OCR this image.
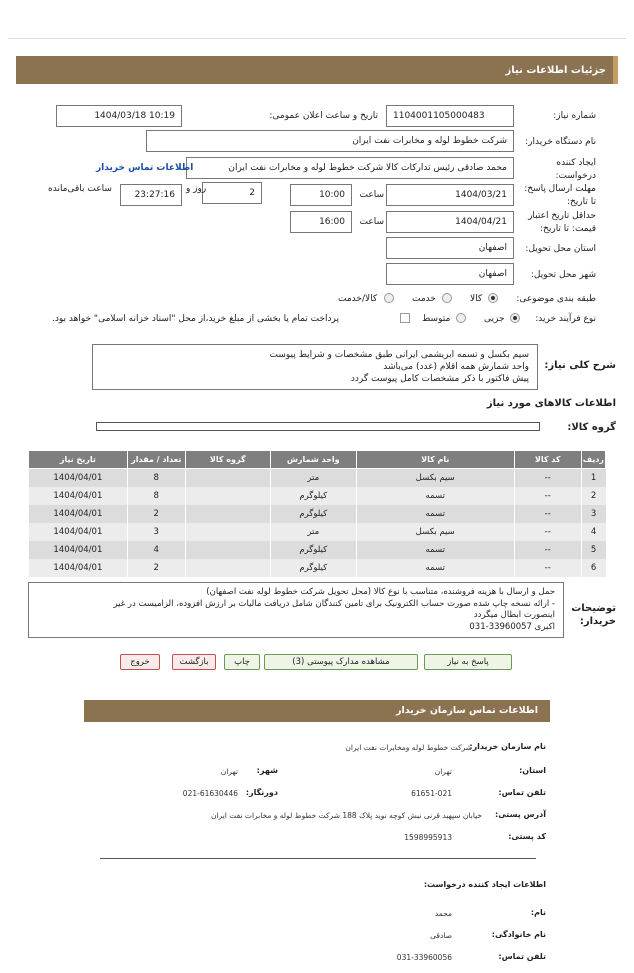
جزئیات اطلاعات نیاز
شماره نیاز:
1104001105000483
تاریخ و ساعت اعلان عمومی:
1404/03/18 10:19
نام دستگاه خریدار:
شرکت خطوط لوله و مخابرات نفت ایران
ایجاد کننده درخواست:
محمد صادقی رئیس تدارکات کالا شرکت خطوط لوله و مخابرات نفت ایران
اطلاعات تماس خریدار
مهلت ارسال پاسخ: تا تاریخ:
1404/03/21
ساعت
10:00
2
روز و
23:27:16
ساعت باقی‌مانده
حداقل تاریخ اعتبار قیمت: تا تاریخ:
1404/04/21
ساعت
16:00
استان محل تحویل:
اصفهان
شهر محل تحویل:
اصفهان
طبقه بندی موضوعی:
کالا
خدمت
کالا/خدمت
نوع فرآیند خرید:
جزیی
متوسط
پرداخت تمام یا بخشی از مبلغ خرید،از محل "اسناد خزانه اسلامی" خواهد بود.
شرح کلی نیاز:
سیم بکسل و تسمه ابریشمی ایرانی طبق مشخصات و شرایط پیوست
واحد شمارش همه اقلام (عدد) می‌باشد
پیش فاکتور با ذکر مشخصات کامل پیوست گردد
اطلاعات کالاهای مورد نیاز
گروه کالا:
ردیف	کد کالا	نام کالا	واحد شمارش	گروه کالا	تعداد / مقدار	تاریخ نیاز
1	--	سیم بکسل	متر		8	1404/04/01
2	--	تسمه	کیلوگرم		8	1404/04/01
3	--	تسمه	کیلوگرم		2	1404/04/01
4	--	سیم بکسل	متر		3	1404/04/01
5	--	تسمه	کیلوگرم		4	1404/04/01
6	--	تسمه	کیلوگرم		2	1404/04/01
توضیحات خریدار:
حمل و ارسال با هزینه فروشنده، متناسب با نوع کالا (محل تحویل شرکت خطوط لوله نفت اصفهان)
- ارائه نسخه چاپ شده صورت حساب الکترونیک برای تامین کنندگان شامل دریافت مالیات بر ارزش افزوده، الزامیست در غیر
اینصورت ابطال میگردد
اکبری 33960057-031
پاسخ به نیاز
مشاهده مدارک پیوستی (3)
چاپ
بازگشت
خروج
اطلاعات تماس سازمان خریدار
نام سازمان خریدار:
شرکت خطوط لوله ومخابرات نفت ایران
استان:
تهران
شهر:
تهران
تلفن تماس:
61651-021
دورنگار:
021-61630446
آدرس پستی:
خیابان سپهبد قرنی نبش کوچه نوید پلاک 188 شرکت خطوط لوله و مخابرات نفت ایران
کد پستی:
1598995913
اطلاعات ایجاد کننده درخواست:
نام:
محمد
نام خانوادگی:
صادقی
تلفن تماس:
031-33960056
